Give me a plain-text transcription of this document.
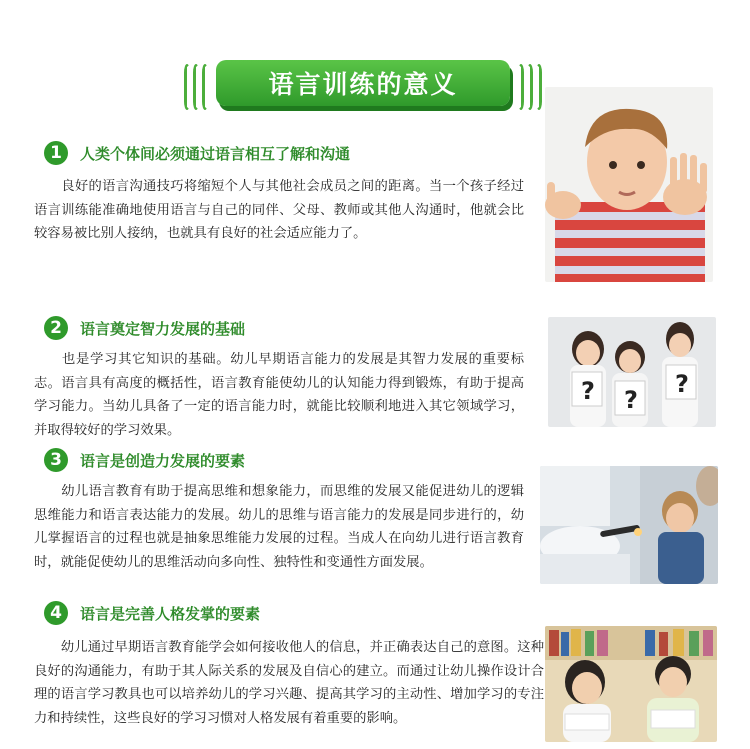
语言训练的意义
1	人类个体间必须通过语言相互了解和沟通

　　良好的语言沟通技巧将缩短个人与其他社会成员之间的距离。当一个孩子经过语言训练能准确地使用语言与自己的同伴、父母、教师或其他人沟通时，他就会比较容易被比别人接纳，也就具有良好的社会适应能力了。

2	语言奠定智力发展的基础

　　也是学习其它知识的基础。幼儿早期语言能力的发展是其智力发展的重要标志。语言具有高度的概括性，语言教育能使幼儿的认知能力得到锻炼，有助于提高学习能力。当幼儿具备了一定的语言能力时，就能比较顺利地进入其它领域学习，并取得较好的学习效果。

? ?
?
3	语言是创造力发展的要素

　　幼儿语言教育有助于提高思维和想象能力，而思维的发展又能促进幼儿的逻辑思维能力和语言表达能力的发展。幼儿的思维与语言能力的发展是同步进行的，幼儿掌握语言的过程也就是抽象思维能力发展的过程。当成人在向幼儿进行语言教育时，就能促使幼儿的思维活动向多向性、独特性和变通性方面发展。

4	语言是完善人格发掌的要素

　　幼儿通过早期语言教育能学会如何接收他人的信息，并正确表达自己的意图。这种良好的沟通能力，有助于其人际关系的发展及自信心的建立。而通过让幼儿操作设计合理的语言学习教具也可以培养幼儿的学习兴趣、提高其学习的主动性、增加学习的专注力和持续性，这些良好的学习习惯对人格发展有着重要的影响。
